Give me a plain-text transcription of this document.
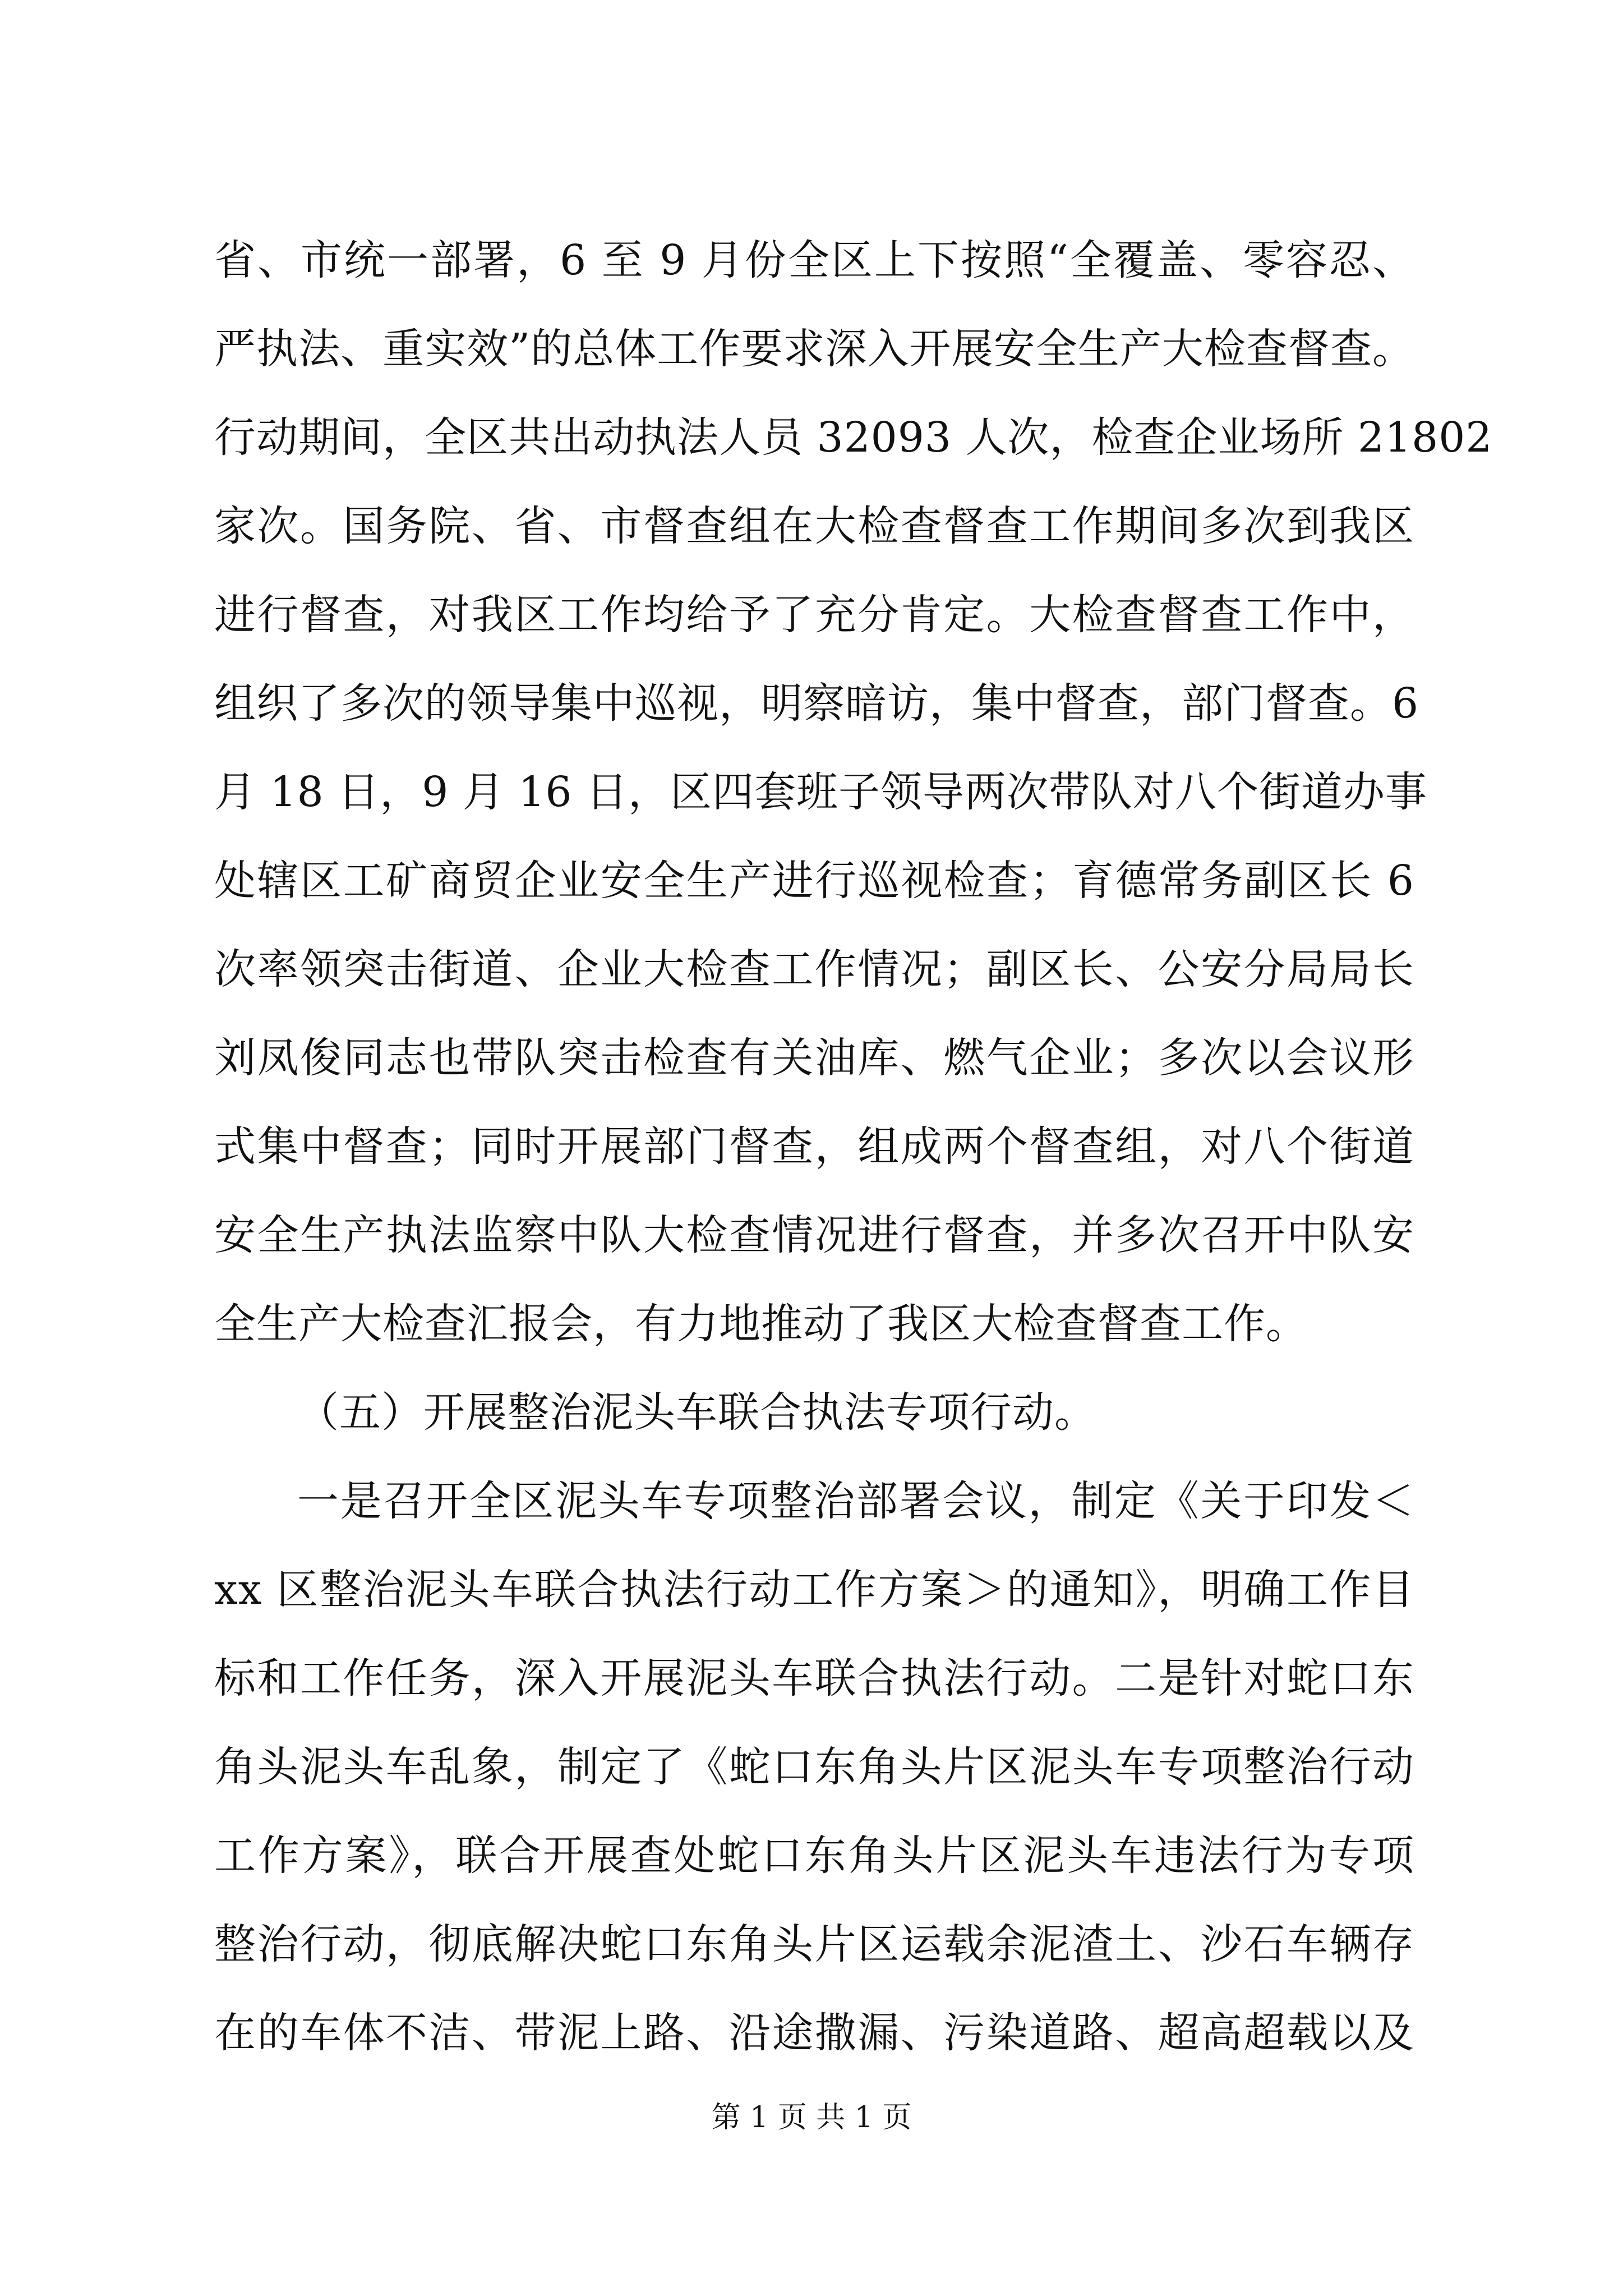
省、市统一部署，6 至 9 月份全区上下按照“全覆盖、零容忍、
严执法、重实效”的总体工作要求深入开展安全生产大检查督查。
行动期间，全区共出动执法人员 32093 人次，检查企业场所 21802
家次。国务院、省、市督查组在大检查督查工作期间多次到我区
进行督查，对我区工作均给予了充分肯定。大检查督查工作中，
组织了多次的领导集中巡视，明察暗访，集中督查，部门督查。6
月 18 日，9 月 16 日，区四套班子领导两次带队对八个街道办事
处辖区工矿商贸企业安全生产进行巡视检查；育德常务副区长 6
次率领突击街道、企业大检查工作情况；副区长、公安分局局长
刘凤俊同志也带队突击检查有关油库、燃气企业；多次以会议形
式集中督查；同时开展部门督查，组成两个督查组，对八个街道
安全生产执法监察中队大检查情况进行督查，并多次召开中队安
全生产大检查汇报会，有力地推动了我区大检查督查工作。
（五）开展整治泥头车联合执法专项行动。
一是召开全区泥头车专项整治部署会议，制定《关于印发＜
xx 区整治泥头车联合执法行动工作方案＞的通知》，明确工作目
标和工作任务，深入开展泥头车联合执法行动。二是针对蛇口东
角头泥头车乱象，制定了《蛇口东角头片区泥头车专项整治行动
工作方案》，联合开展查处蛇口东角头片区泥头车违法行为专项
整治行动，彻底解决蛇口东角头片区运载余泥渣土、沙石车辆存
在的车体不洁、带泥上路、沿途撒漏、污染道路、超高超载以及
第 1 页 共 1 页
